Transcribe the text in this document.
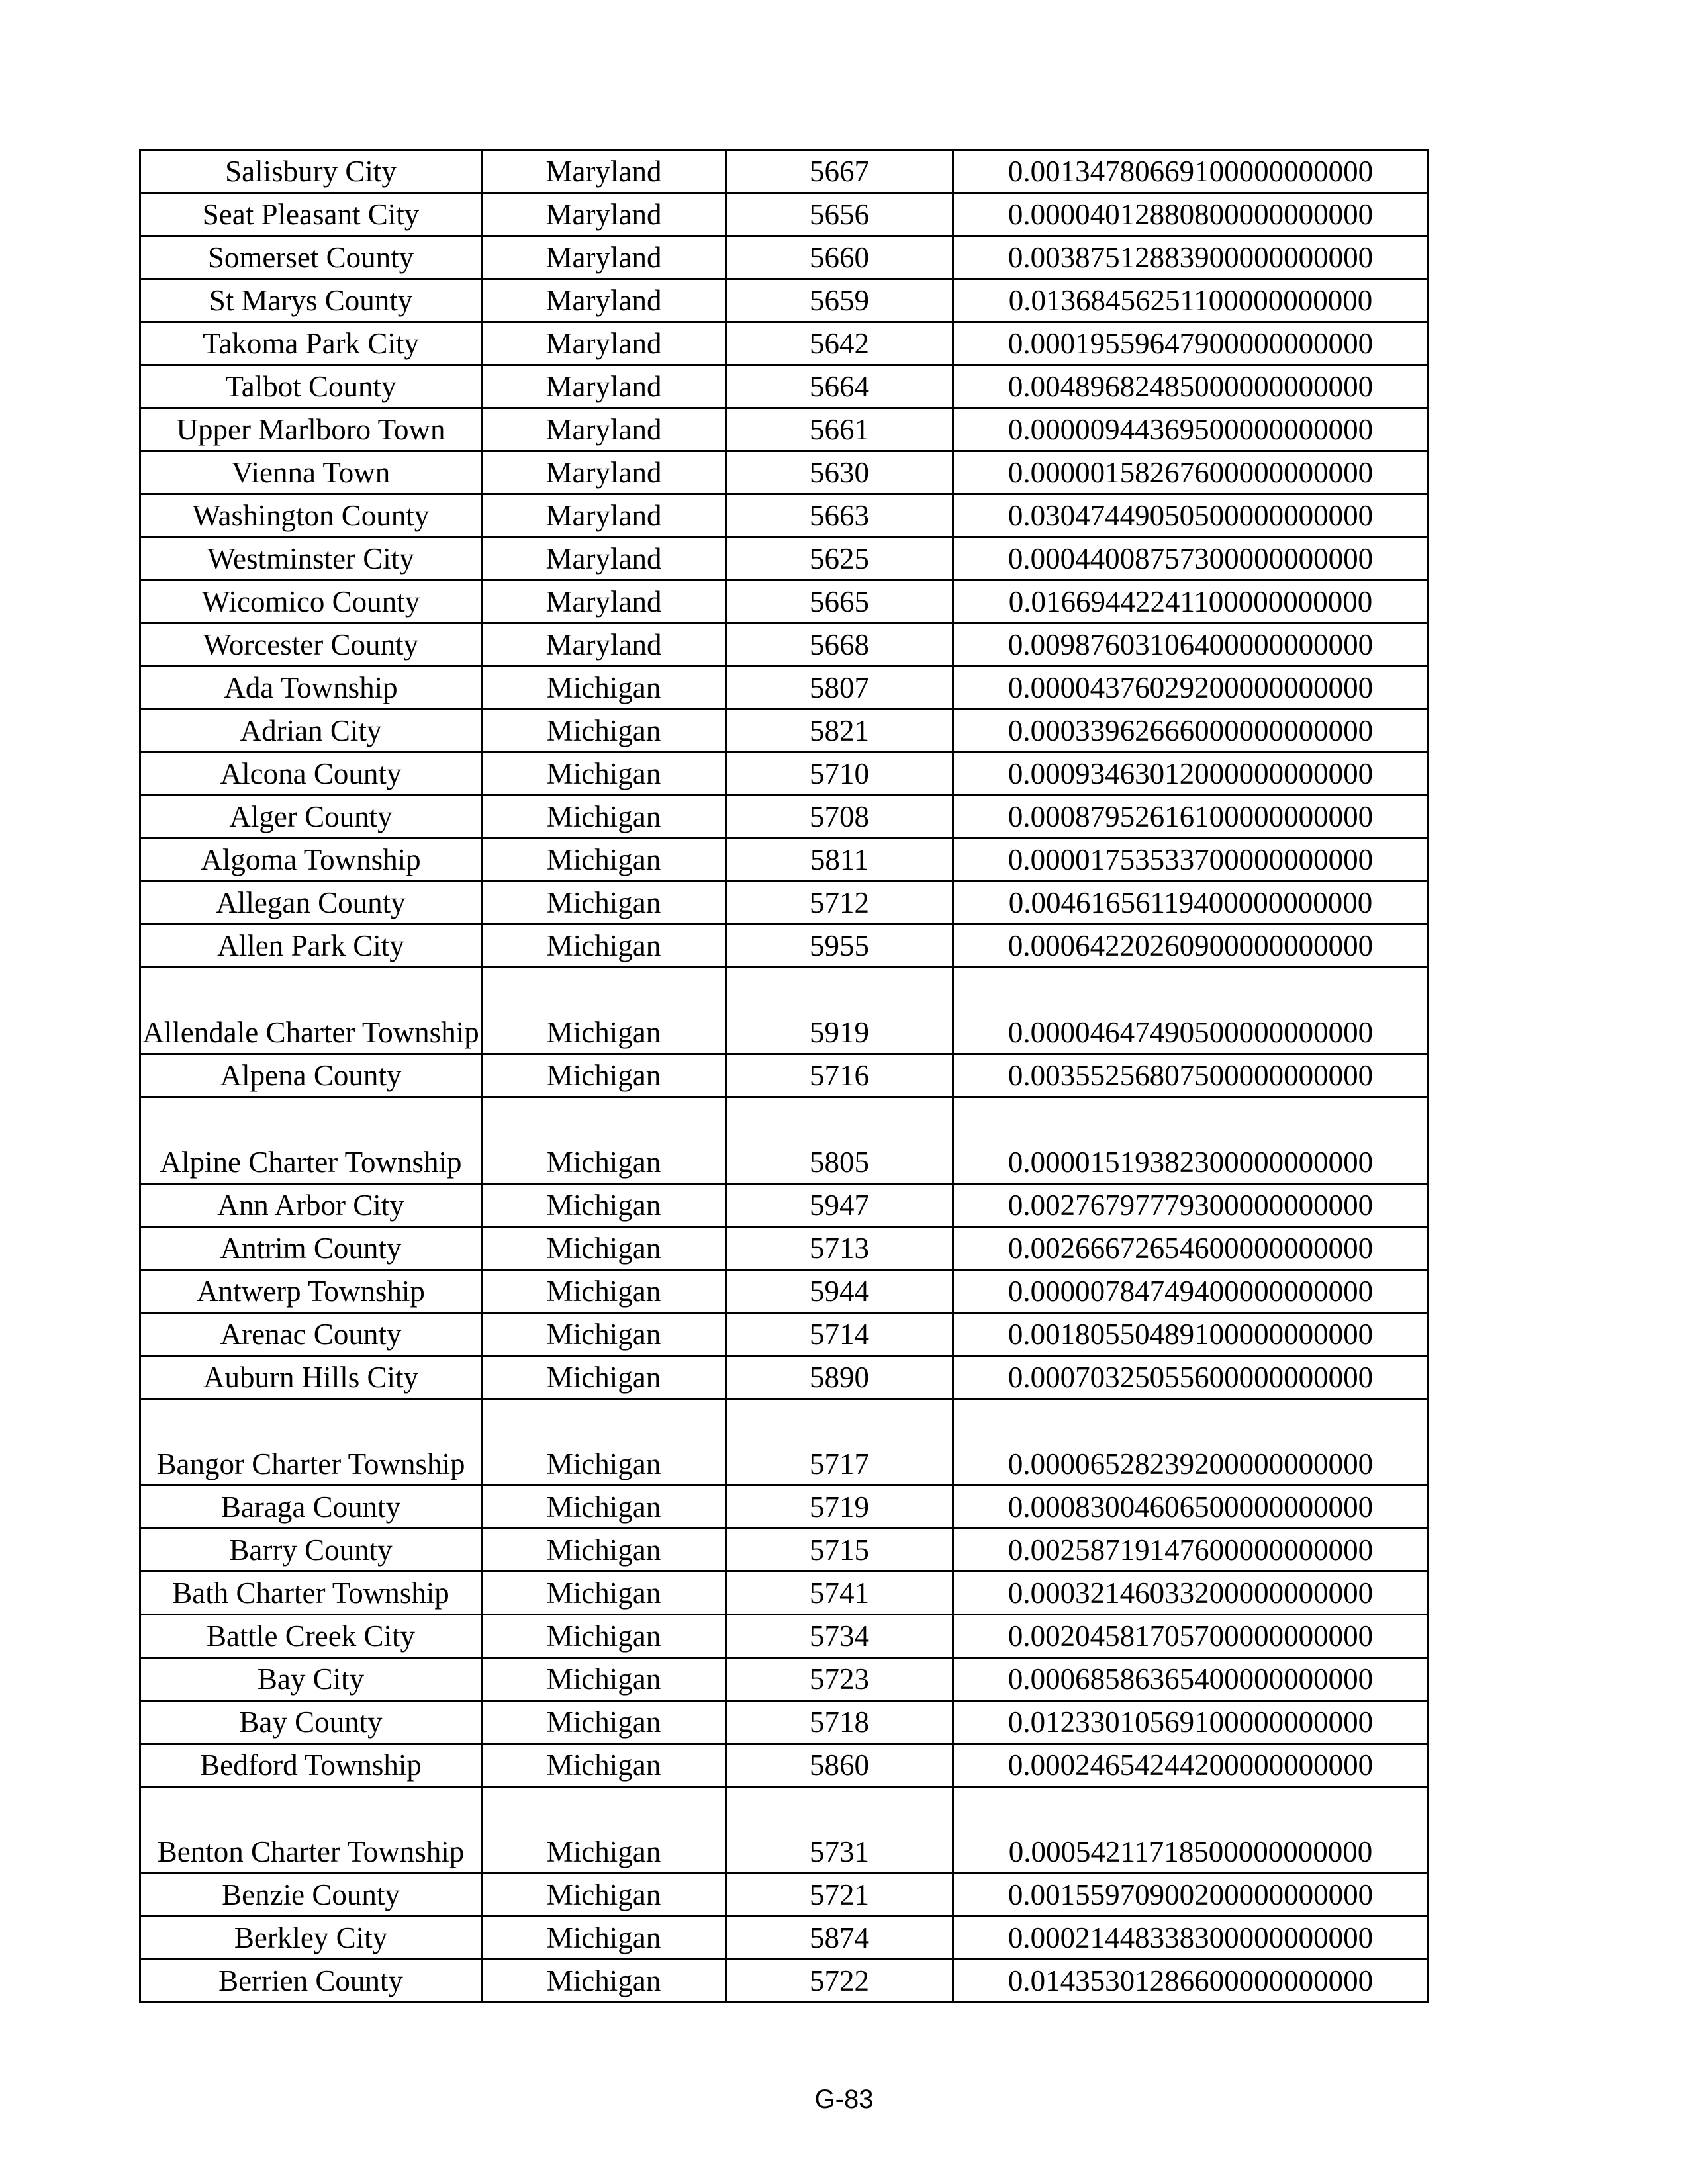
Salisbury City	Maryland	5667	0.00134780669100000000000
Seat Pleasant City	Maryland	5656	0.00004012880800000000000
Somerset County	Maryland	5660	0.00387512883900000000000
St Marys County	Maryland	5659	0.01368456251100000000000
Takoma Park City	Maryland	5642	0.00019559647900000000000
Talbot County	Maryland	5664	0.00489682485000000000000
Upper Marlboro Town	Maryland	5661	0.00000944369500000000000
Vienna Town	Maryland	5630	0.00000158267600000000000
Washington County	Maryland	5663	0.03047449050500000000000
Westminster City	Maryland	5625	0.00044008757300000000000
Wicomico County	Maryland	5665	0.01669442241100000000000
Worcester County	Maryland	5668	0.00987603106400000000000
Ada Township	Michigan	5807	0.00004376029200000000000
Adrian City	Michigan	5821	0.00033962666000000000000
Alcona County	Michigan	5710	0.00093463012000000000000
Alger County	Michigan	5708	0.00087952616100000000000
Algoma Township	Michigan	5811	0.00001753533700000000000
Allegan County	Michigan	5712	0.00461656119400000000000
Allen Park City	Michigan	5955	0.00064220260900000000000
Allendale Charter Township	Michigan	5919	0.00004647490500000000000
Alpena County	Michigan	5716	0.00355256807500000000000
Alpine Charter Township	Michigan	5805	0.00001519382300000000000
Ann Arbor City	Michigan	5947	0.00276797779300000000000
Antrim County	Michigan	5713	0.00266672654600000000000
Antwerp Township	Michigan	5944	0.00000784749400000000000
Arenac County	Michigan	5714	0.00180550489100000000000
Auburn Hills City	Michigan	5890	0.00070325055600000000000
Bangor Charter Township	Michigan	5717	0.00006528239200000000000
Baraga County	Michigan	5719	0.00083004606500000000000
Barry County	Michigan	5715	0.00258719147600000000000
Bath Charter Township	Michigan	5741	0.00032146033200000000000
Battle Creek City	Michigan	5734	0.00204581705700000000000
Bay City	Michigan	5723	0.00068586365400000000000
Bay County	Michigan	5718	0.01233010569100000000000
Bedford Township	Michigan	5860	0.00024654244200000000000
Benton Charter Township	Michigan	5731	0.00054211718500000000000
Benzie County	Michigan	5721	0.00155970900200000000000
Berkley City	Michigan	5874	0.00021448338300000000000
Berrien County	Michigan	5722	0.01435301286600000000000
G-83
